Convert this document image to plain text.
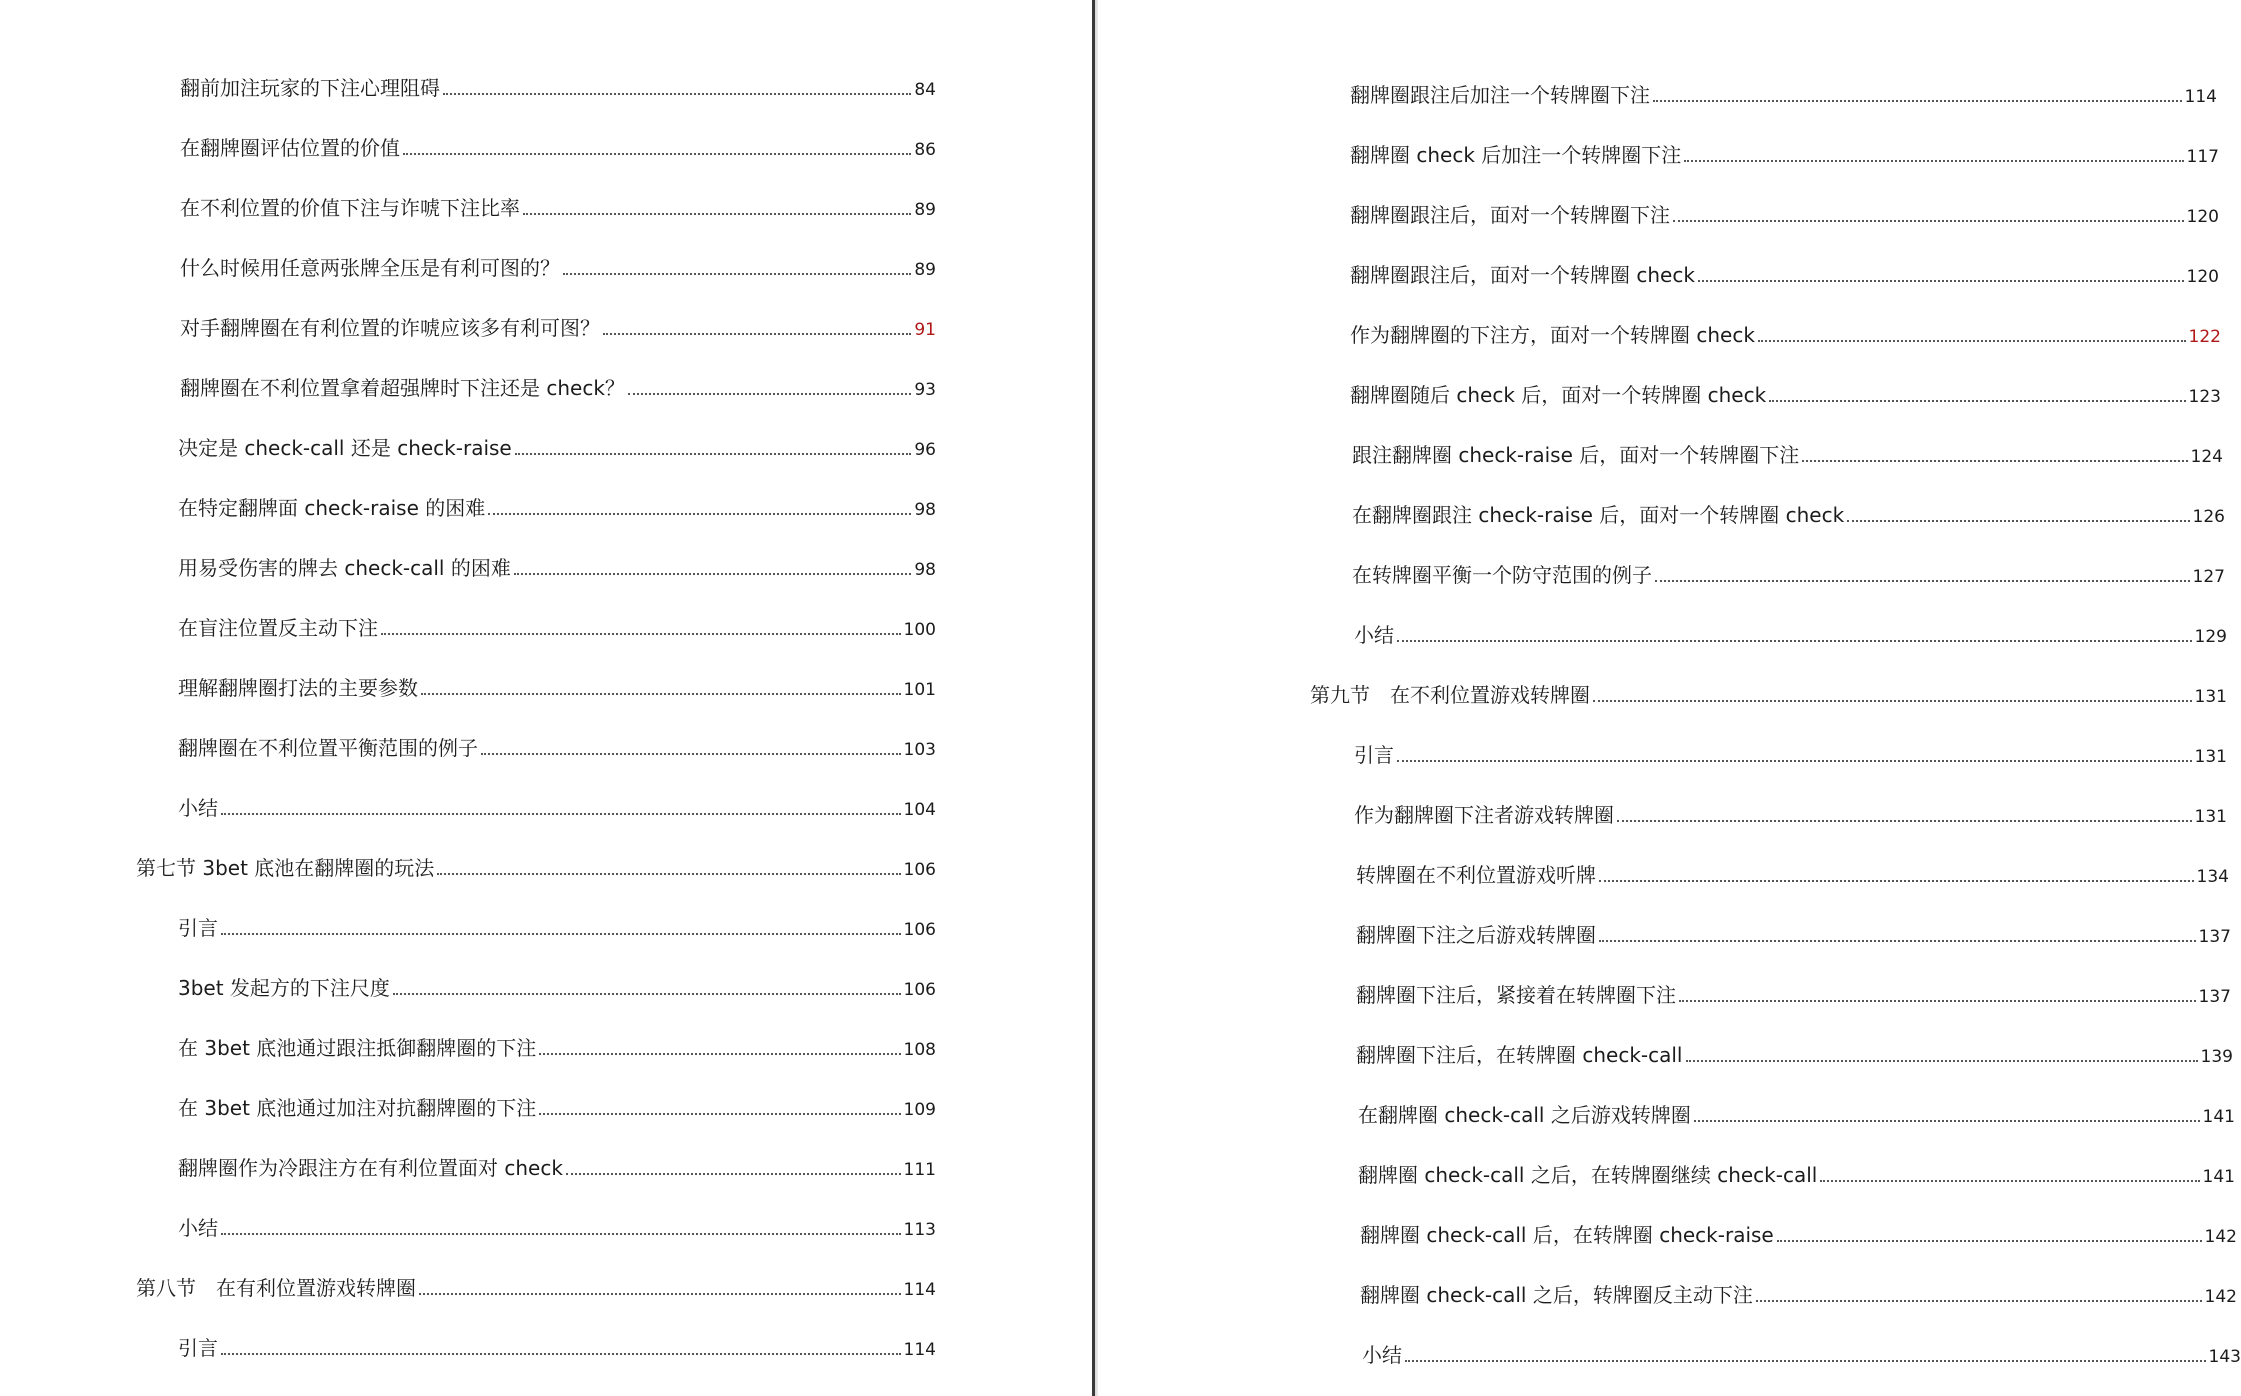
翻前加注玩家的下注心理阻碍	84
在翻牌圈评估位置的价值	86
在不利位置的价值下注与诈唬下注比率	89
什么时候用任意两张牌全压是有利可图的？	89
对手翻牌圈在有利位置的诈唬应该多有利可图？	91
翻牌圈在不利位置拿着超强牌时下注还是 check？	93
决定是 check-call 还是 check-raise	96
在特定翻牌面 check-raise 的困难	98
用易受伤害的牌去 check-call 的困难	98
在盲注位置反主动下注	100
理解翻牌圈打法的主要参数	101
翻牌圈在不利位置平衡范围的例子	103
小结	104
第七节 3bet 底池在翻牌圈的玩法	106
引言	106
3bet 发起方的下注尺度	106
在 3bet 底池通过跟注抵御翻牌圈的下注	108
在 3bet 底池通过加注对抗翻牌圈的下注	109
翻牌圈作为冷跟注方在有利位置面对 check	111
小结	113
第八节　在有利位置游戏转牌圈	114
引言	114
翻牌圈跟注后加注一个转牌圈下注	114
翻牌圈 check 后加注一个转牌圈下注	117
翻牌圈跟注后，面对一个转牌圈下注	120
翻牌圈跟注后，面对一个转牌圈 check	120
作为翻牌圈的下注方，面对一个转牌圈 check	122
翻牌圈随后 check 后，面对一个转牌圈 check	123
跟注翻牌圈 check-raise 后，面对一个转牌圈下注	124
在翻牌圈跟注 check-raise 后，面对一个转牌圈 check	126
在转牌圈平衡一个防守范围的例子	127
小结	129
第九节　在不利位置游戏转牌圈	131
引言	131
作为翻牌圈下注者游戏转牌圈	131
转牌圈在不利位置游戏听牌	134
翻牌圈下注之后游戏转牌圈	137
翻牌圈下注后，紧接着在转牌圈下注	137
翻牌圈下注后，在转牌圈 check-call	139
在翻牌圈 check-call 之后游戏转牌圈	141
翻牌圈 check-call 之后，在转牌圈继续 check-call	141
翻牌圈 check-call 后，在转牌圈 check-raise	142
翻牌圈 check-call 之后，转牌圈反主动下注	142
小结	143
